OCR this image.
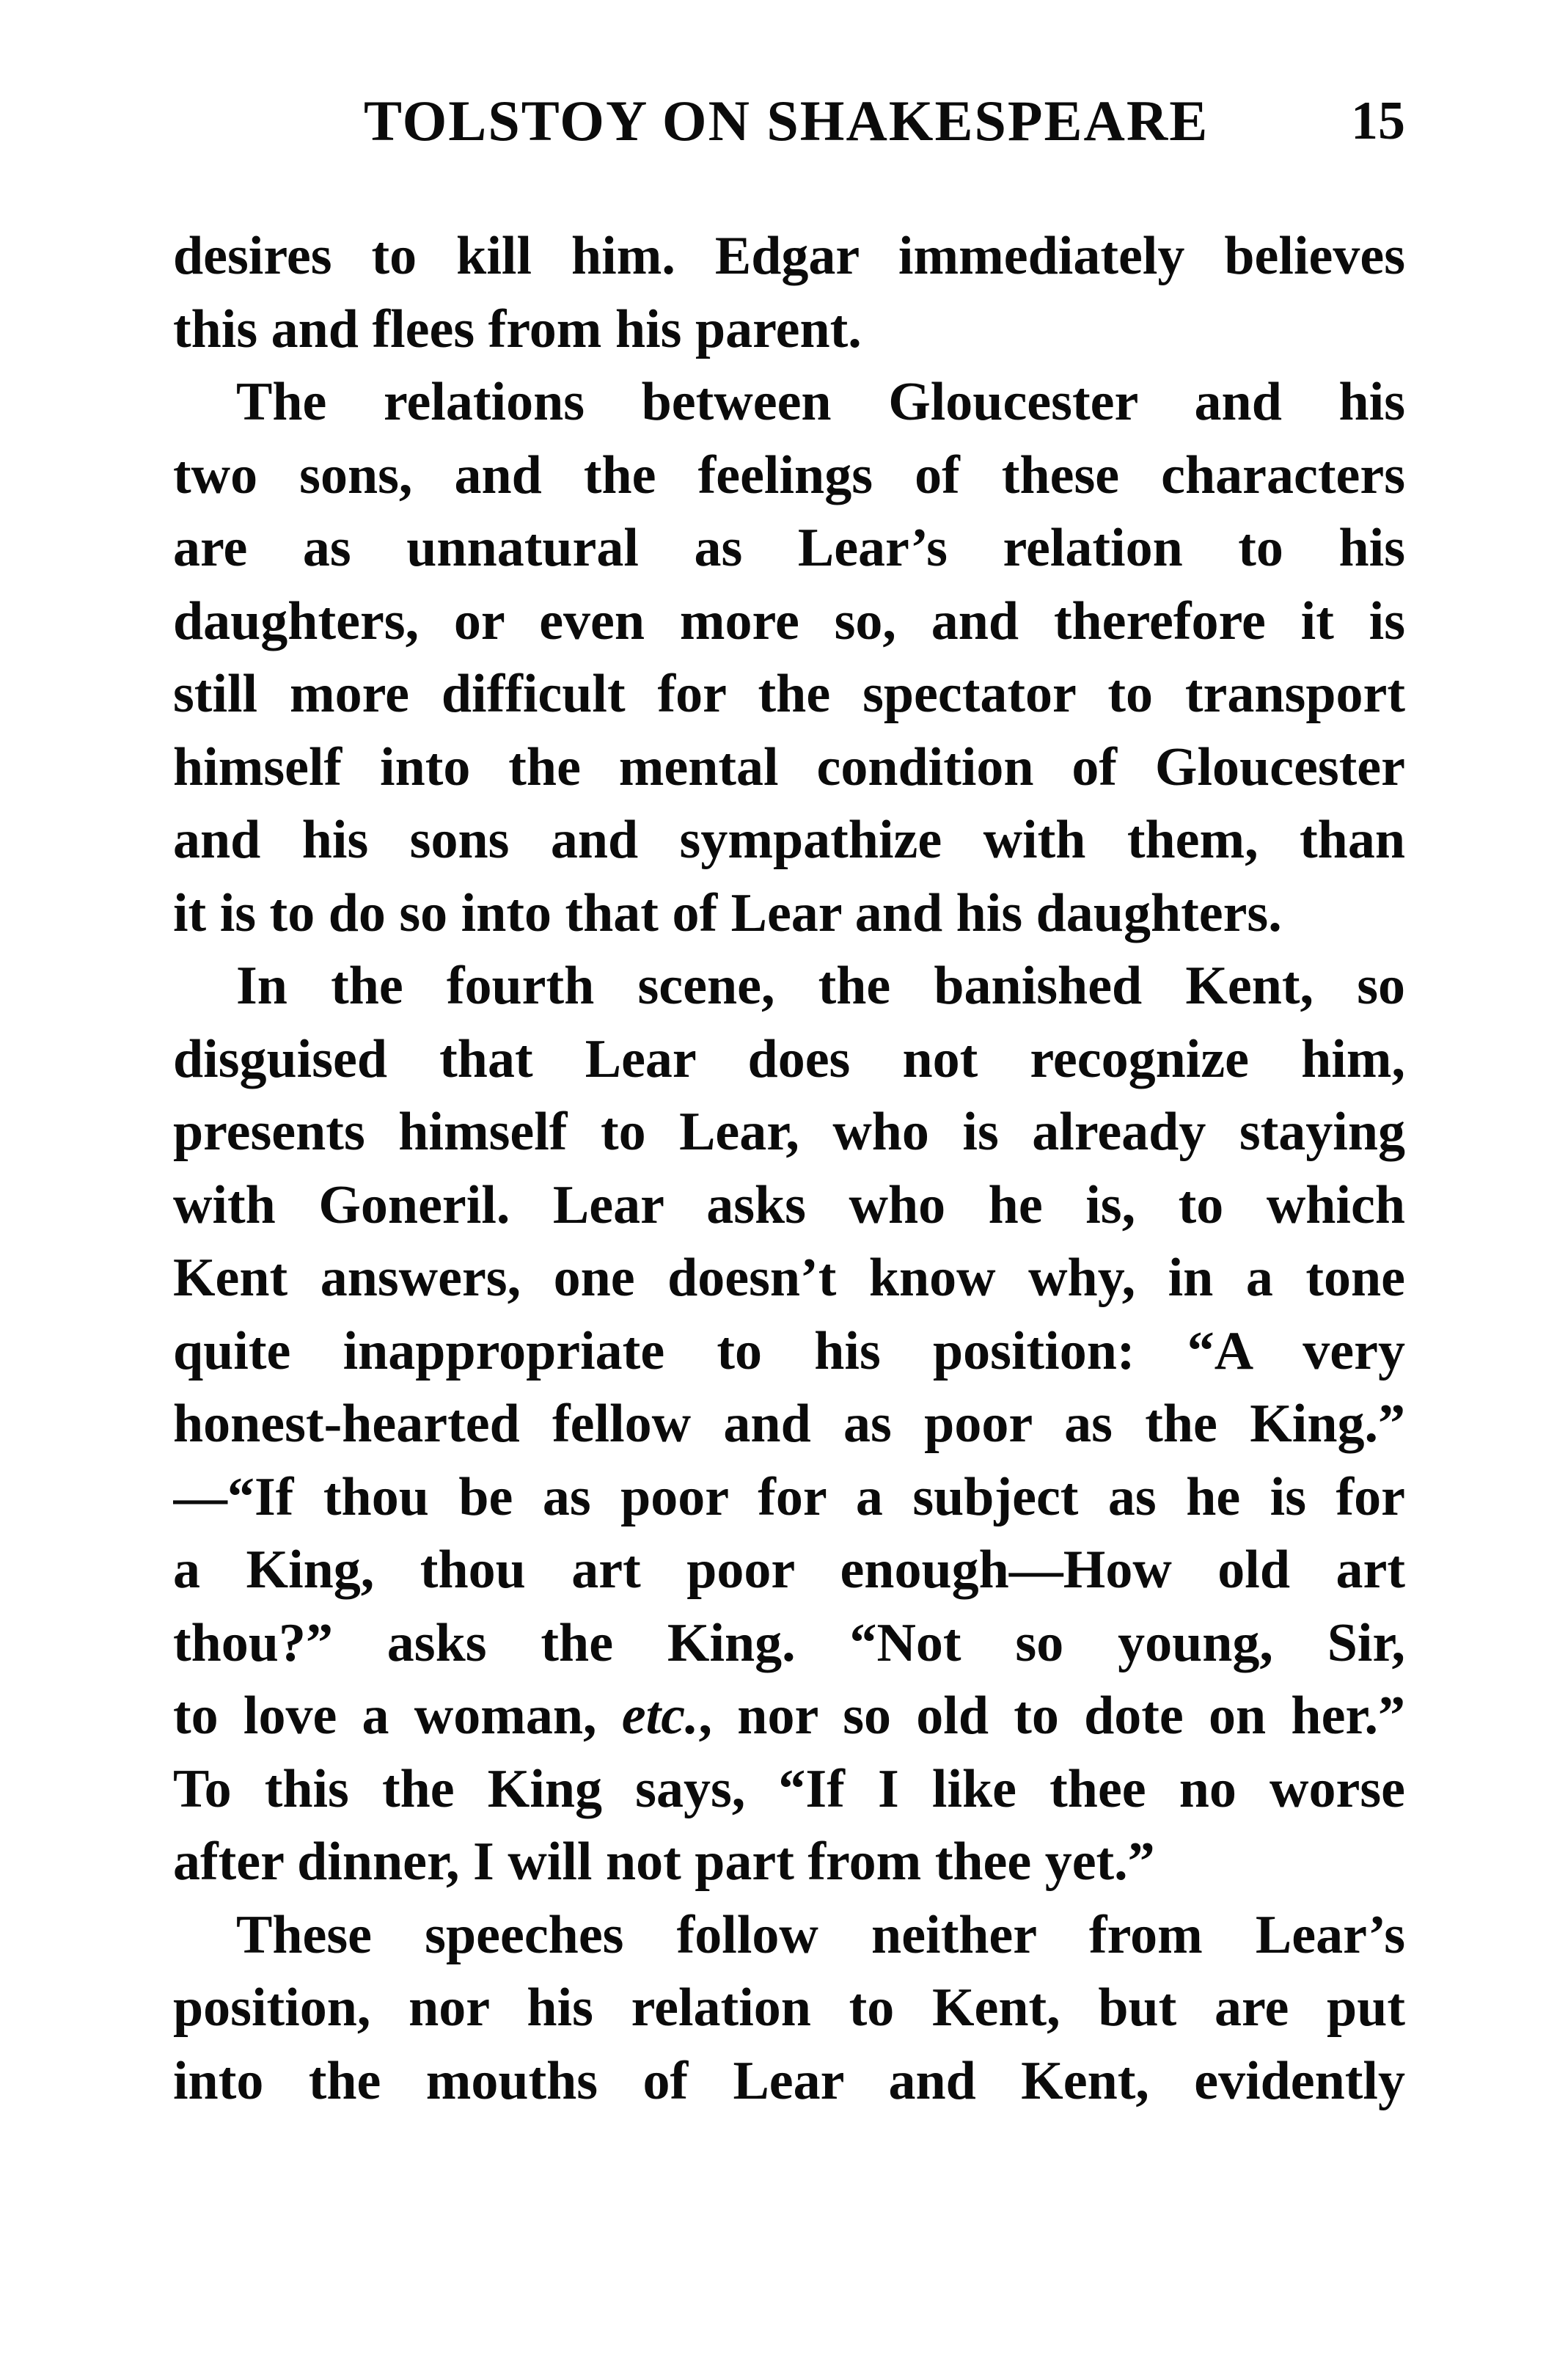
TOLSTOY ON SHAKESPEARE	15
desires to kill him. Edgar immediately believes
this and flees from his parent.
The relations between Gloucester and his
two sons, and the feelings of these characters
are as unnatural as Lear’s relation to his
daughters, or even more so, and therefore it is
still more difficult for the spectator to transport
himself into the mental condition of Gloucester
and his sons and sympathize with them, than
it is to do so into that of Lear and his daughters.
In the fourth scene, the banished Kent, so
disguised that Lear does not recognize him,
presents himself to Lear, who is already staying
with Goneril. Lear asks who he is, to which
Kent answers, one doesn’t know why, in a tone
quite inappropriate to his position: “A very
honest-hearted fellow and as poor as the King.”
—“If thou be as poor for a subject as he is for
a King, thou art poor enough—How old art
thou?” asks the King. “Not so young, Sir,
to love a woman, etc., nor so old to dote on her.”
To this the King says, “If I like thee no worse
after dinner, I will not part from thee yet.”
These speeches follow neither from Lear’s
position, nor his relation to Kent, but are put
into the mouths of Lear and Kent, evidently
